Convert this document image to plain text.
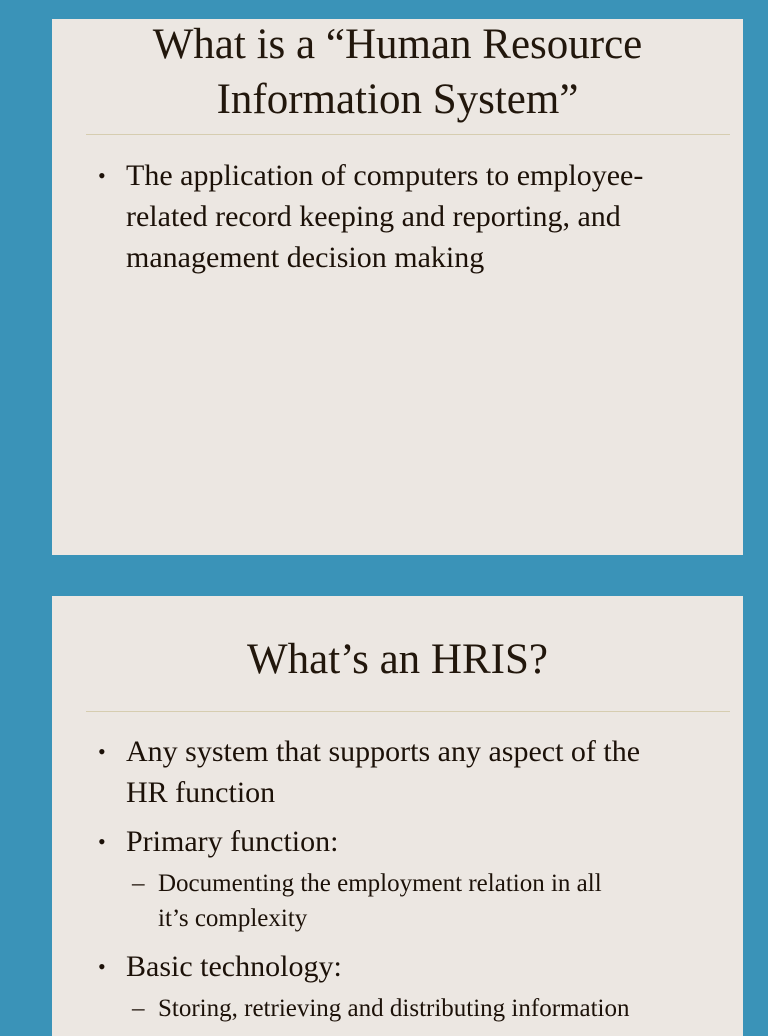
What is a “Human Resource
Information System”
• The application of computers to employee-
related record keeping and reporting, and
management decision making
What’s an HRIS?
• Any system that supports any aspect of the
HR function
• Primary function:
– Documenting the employment relation in all
it’s complexity
• Basic technology:
– Storing, retrieving and distributing information
